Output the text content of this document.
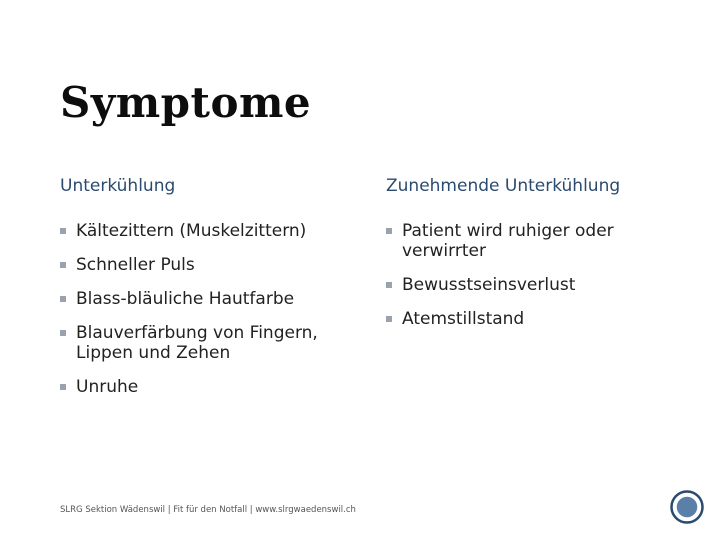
Symptome
Unterkühlung	Zunehmende Unterkühlung
Kältezittern (Muskelzittern)
Schneller Puls
Blass-bläuliche Hautfarbe
Blauverfärbung von Fingern, Lippen und Zehen
Unruhe
Patient wird ruhiger oder verwirrter
Bewusstseinsverlust
Atemstillstand
SLRG Sektion Wädenswil | Fit für den Notfall | www.slrgwaedenswil.ch
